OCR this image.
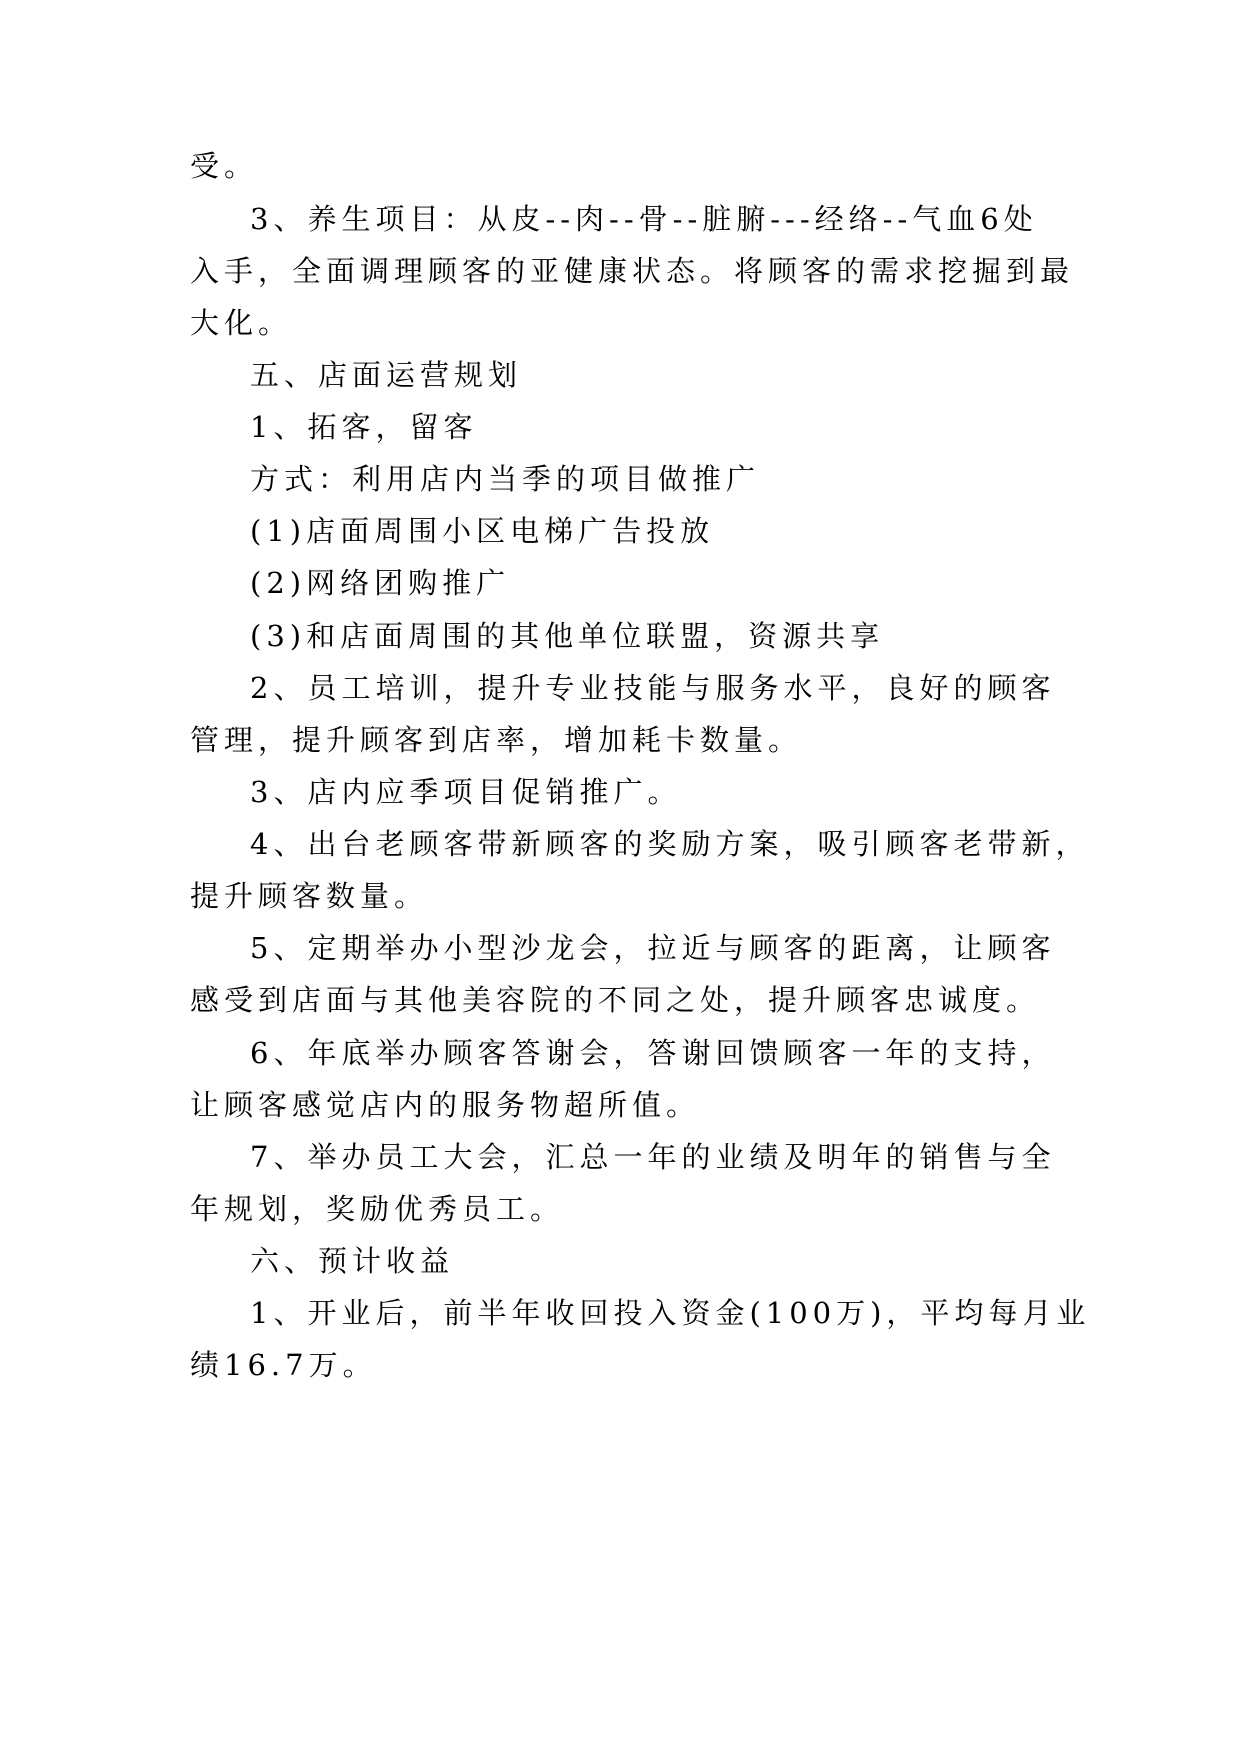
受。
3、养生项目：从皮--肉--骨--脏腑---经络--气血6处
入手，全面调理顾客的亚健康状态。将顾客的需求挖掘到最
大化。
五、店面运营规划
1、拓客，留客
方式：利用店内当季的项目做推广
(1)店面周围小区电梯广告投放
(2)网络团购推广
(3)和店面周围的其他单位联盟，资源共享
2、员工培训，提升专业技能与服务水平，良好的顾客
管理，提升顾客到店率，增加耗卡数量。
3、店内应季项目促销推广。
4、出台老顾客带新顾客的奖励方案，吸引顾客老带新，
提升顾客数量。
5、定期举办小型沙龙会，拉近与顾客的距离，让顾客
感受到店面与其他美容院的不同之处，提升顾客忠诚度。
6、年底举办顾客答谢会，答谢回馈顾客一年的支持，
让顾客感觉店内的服务物超所值。
7、举办员工大会，汇总一年的业绩及明年的销售与全
年规划，奖励优秀员工。
六、预计收益
1、开业后，前半年收回投入资金(100万)，平均每月业
绩16.7万。
